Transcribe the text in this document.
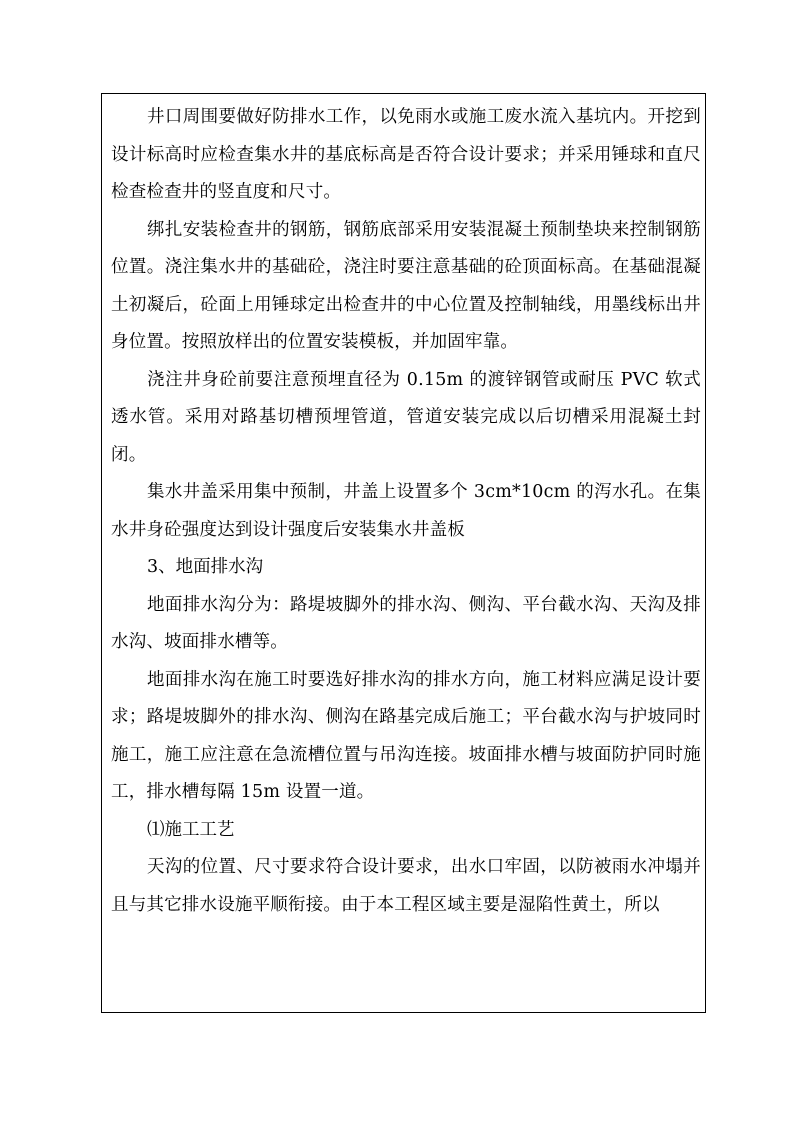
井口周围要做好防排水工作，以免雨水或施工废水流入基坑内。开挖到设计标高时应检查集水井的基底标高是否符合设计要求；并采用锤球和直尺检查检查井的竖直度和尺寸。

绑扎安装检查井的钢筋，钢筋底部采用安装混凝土预制垫块来控制钢筋位置。浇注集水井的基础砼，浇注时要注意基础的砼顶面标高。在基础混凝土初凝后，砼面上用锤球定出检查井的中心位置及控制轴线，用墨线标出井身位置。按照放样出的位置安装模板，并加固牢靠。

浇注井身砼前要注意预埋直径为 0.15m 的渡锌钢管或耐压 PVC 软式透水管。采用对路基切槽预埋管道，管道安装完成以后切槽采用混凝土封闭。

集水井盖采用集中预制，井盖上设置多个 3cm*10cm 的泻水孔。在集水井身砼强度达到设计强度后安装集水井盖板

3、地面排水沟

地面排水沟分为：路堤坡脚外的排水沟、侧沟、平台截水沟、天沟及排水沟、坡面排水槽等。

地面排水沟在施工时要选好排水沟的排水方向，施工材料应满足设计要求；路堤坡脚外的排水沟、侧沟在路基完成后施工；平台截水沟与护坡同时施工，施工应注意在急流槽位置与吊沟连接。坡面排水槽与坡面防护同时施工，排水槽每隔 15m 设置一道。

⑴施工工艺

天沟的位置、尺寸要求符合设计要求，出水口牢固，以防被雨水冲塌并且与其它排水设施平顺衔接。由于本工程区域主要是湿陷性黄土，所以
